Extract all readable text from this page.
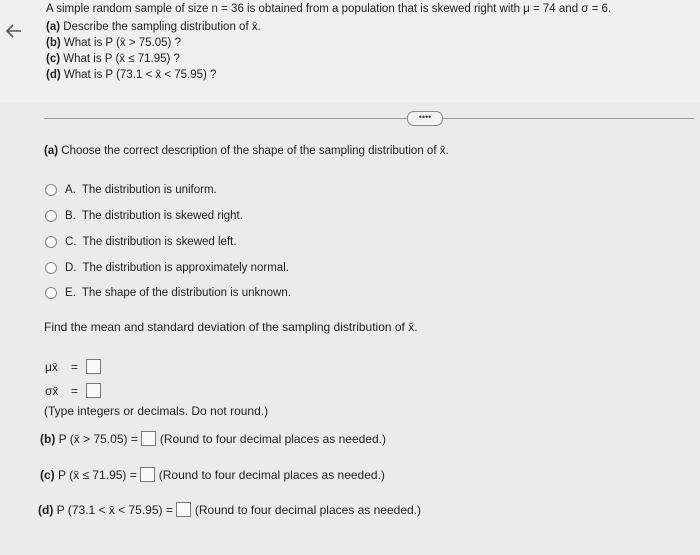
A simple random sample of size n = 36 is obtained from a population that is skewed right with μ = 74 and σ = 6.
(a) Describe the sampling distribution of x̄.
(b) What is P (x̄ > 75.05) ?
(c) What is P (x̄ ≤ 71.95) ?
(d) What is P (73.1 < x̄ < 75.95) ?
••••
(a) Choose the correct description of the shape of the sampling distribution of x̄.
A. The distribution is uniform.
B. The distribution is skewed right.
C. The distribution is skewed left.
D. The distribution is approximately normal.
E. The shape of the distribution is unknown.
Find the mean and standard deviation of the sampling distribution of x̄.
μx̄	=
σx̄	=
(Type integers or decimals. Do not round.)
(b)
P (x̄ > 75.05) = (Round to four decimal places as needed.)
(c)
P (x̄ ≤ 71.95) = (Round to four decimal places as needed.)
(d)
P (73.1 < x̄ < 75.95) = (Round to four decimal places as needed.)
